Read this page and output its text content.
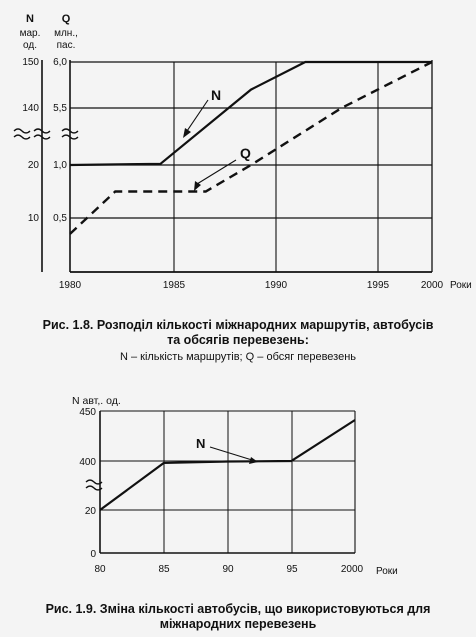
N
мар.
од.
Q
млн.,
пас.
150
140
20
10
6,0
5,5
1,0
0,5
1980	1985	1990	1995	2000 Роки
N
Q
N авт,. од.
450
400
20
0
80	85	90	95	2000 Роки
N
Рис. 1.8. Розподіл кількості міжнародних маршрутів, автобусів
та обсягів перевезень:
N – кількість маршрутів; Q – обсяг перевезень
Рис. 1.9. Зміна кількості автобусів, що використовуються для
міжнародних перевезень
